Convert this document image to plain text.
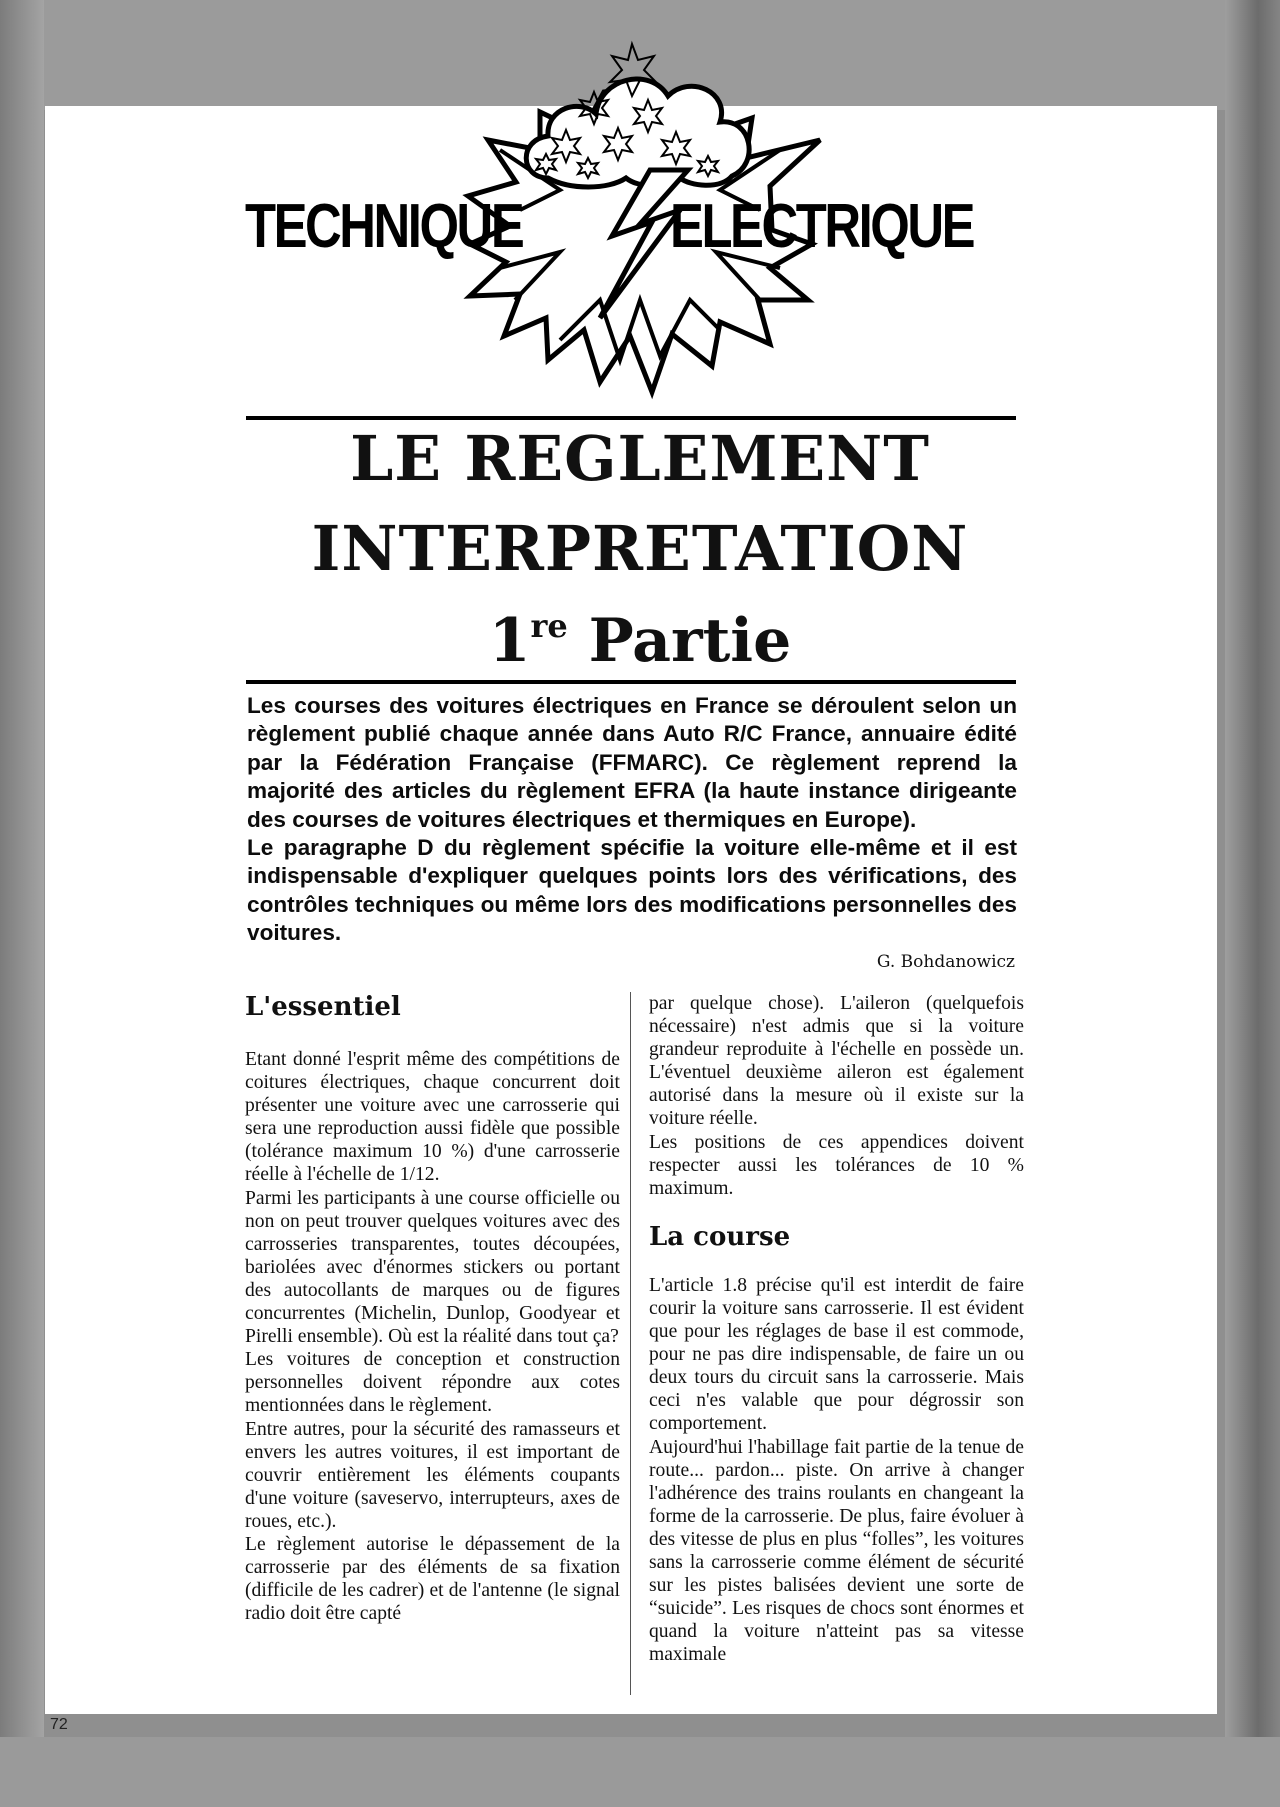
72
TECHNIQUE ELECTRIQUE
LE REGLEMENT
INTERPRETATION
1re Partie

Les courses des voitures électriques en France se déroulent selon un règlement publié chaque année dans Auto R/C France, annuaire édité par la Fédération Française (FFMARC). Ce règlement reprend la majorité des articles du règlement EFRA (la haute instance dirigeante des courses de voitures électriques et thermiques en Europe).

Le paragraphe D du règlement spécifie la voiture elle-même et il est indispensable d'expliquer quelques points lors des vérifications, des contrôles techniques ou même lors des modifications personnelles des voitures.

G. Bohdanowicz
L'essentiel

Etant donné l'esprit même des compétitions de coitures électriques, chaque concurrent doit présenter une voiture avec une carrosserie qui sera une reproduction aussi fidèle que possible (tolérance maximum 10 %) d'une carrosserie réelle à l'échelle de 1/12.

Parmi les participants à une course officielle ou non on peut trouver quelques voitures avec des carrosseries transparentes, toutes découpées, bariolées avec d'énormes stickers ou portant des autocollants de marques ou de figures concurrentes (Michelin, Dunlop, Goodyear et Pirelli ensemble). Où est la réalité dans tout ça?

Les voitures de conception et construction personnelles doivent répondre aux cotes mentionnées dans le règlement.

Entre autres, pour la sécurité des ramasseurs et envers les autres voitures, il est important de couvrir entièrement les éléments coupants d'une voiture (saveservo, interrupteurs, axes de roues, etc.).

Le règlement autorise le dépassement de la carrosserie par des éléments de sa fixation (difficile de les cadrer) et de l'antenne (le signal radio doit être capté

par quelque chose). L'aileron (quelquefois nécessaire) n'est admis que si la voiture grandeur reproduite à l'échelle en possède un. L'éventuel deuxième aileron est également autorisé dans la mesure où il existe sur la voiture réelle.

Les positions de ces appendices doivent respecter aussi les tolérances de 10 % maximum.

La course

L'article 1.8 précise qu'il est interdit de faire courir la voiture sans carrosserie. Il est évident que pour les réglages de base il est commode, pour ne pas dire indispensable, de faire un ou deux tours du circuit sans la carrosserie. Mais ceci n'es valable que pour dégrossir son comportement.

Aujourd'hui l'habillage fait partie de la tenue de route... pardon... piste. On arrive à changer l'adhérence des trains roulants en changeant la forme de la carrosserie. De plus, faire évoluer à des vitesse de plus en plus “folles”, les voitures sans la carrosserie comme élément de sécurité sur les pistes balisées devient une sorte de “suicide”. Les risques de chocs sont énormes et quand la voiture n'atteint pas sa vitesse maximale
